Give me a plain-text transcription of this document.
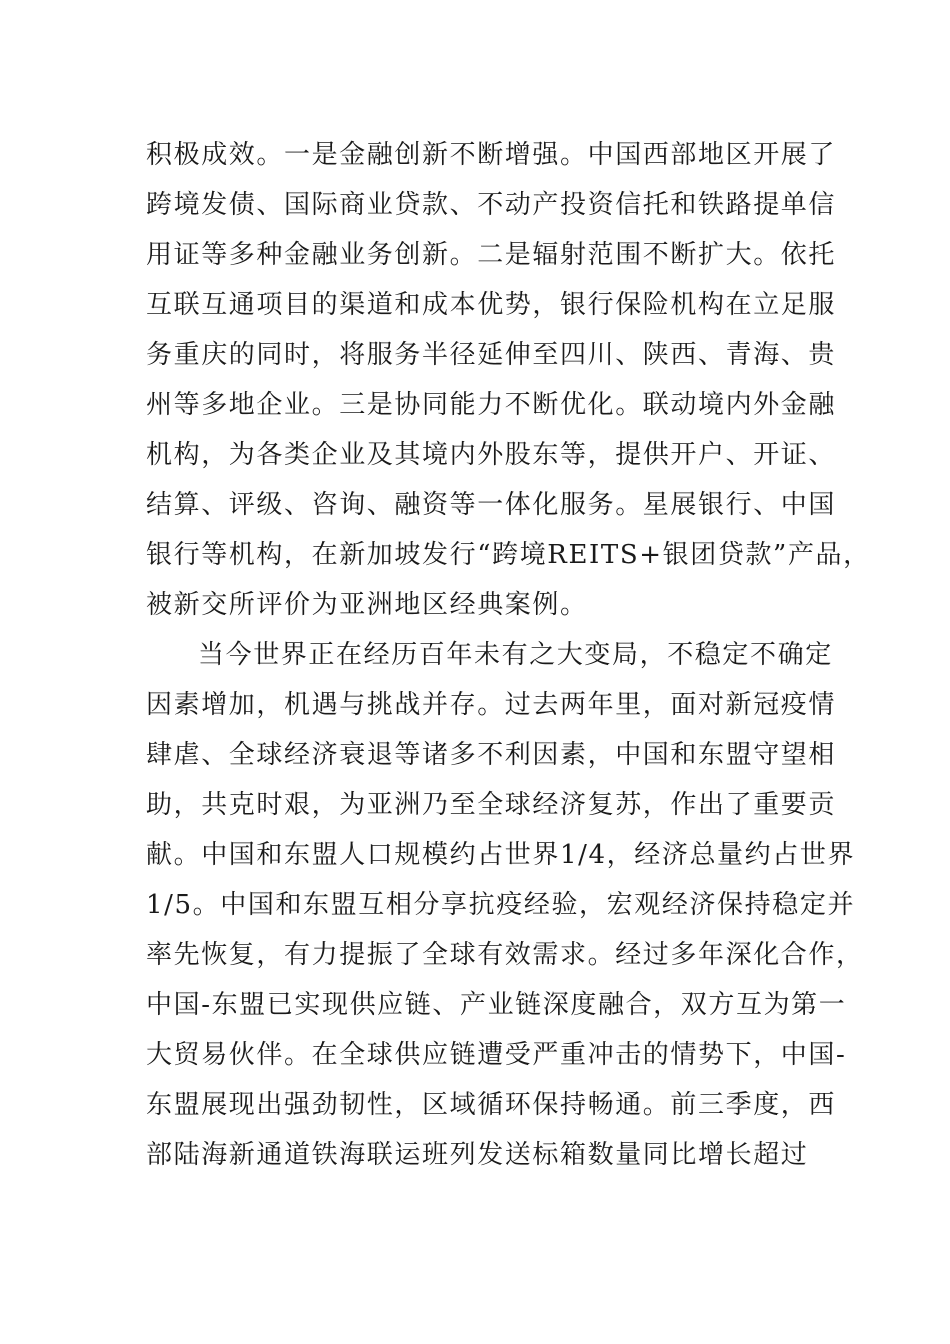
积极成效。一是金融创新不断增强。中国西部地区开展了
跨境发债、国际商业贷款、不动产投资信托和铁路提单信
用证等多种金融业务创新。二是辐射范围不断扩大。依托
互联互通项目的渠道和成本优势，银行保险机构在立足服
务重庆的同时，将服务半径延伸至四川、陕西、青海、贵
州等多地企业。三是协同能力不断优化。联动境内外金融
机构，为各类企业及其境内外股东等，提供开户、开证、
结算、评级、咨询、融资等一体化服务。星展银行、中国
银行等机构，在新加坡发行“跨境REITS+银团贷款”产品，
被新交所评价为亚洲地区经典案例。
当今世界正在经历百年未有之大变局，不稳定不确定
因素增加，机遇与挑战并存。过去两年里，面对新冠疫情
肆虐、全球经济衰退等诸多不利因素，中国和东盟守望相
助，共克时艰，为亚洲乃至全球经济复苏，作出了重要贡
献。中国和东盟人口规模约占世界1/4，经济总量约占世界
1/5。中国和东盟互相分享抗疫经验，宏观经济保持稳定并
率先恢复，有力提振了全球有效需求。经过多年深化合作，
中国-东盟已实现供应链、产业链深度融合，双方互为第一
大贸易伙伴。在全球供应链遭受严重冲击的情势下，中国-
东盟展现出强劲韧性，区域循环保持畅通。前三季度，西
部陆海新通道铁海联运班列发送标箱数量同比增长超过
